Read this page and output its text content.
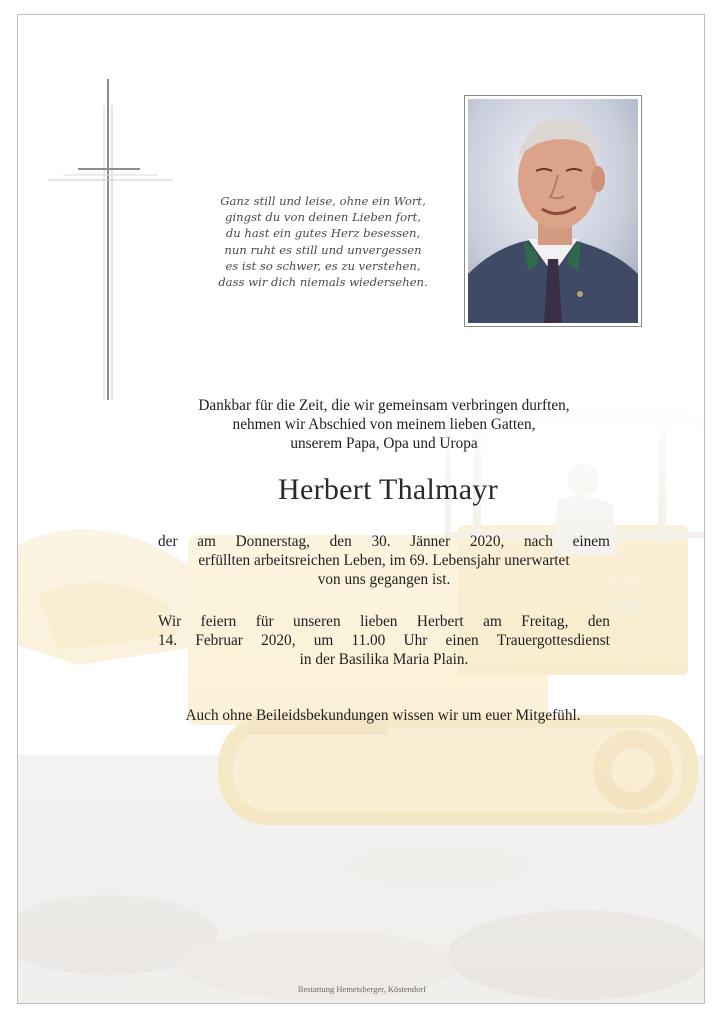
Ganz still und leise, ohne ein Wort,
gingst du von deinen Lieben fort,
du hast ein gutes Herz besessen,
nun ruht es still und unvergessen
es ist so schwer, es zu verstehen,
dass wir dich niemals wiedersehen.
Dankbar für die Zeit, die wir gemeinsam verbringen durften,
nehmen wir Abschied von meinem lieben Gatten,
unserem Papa, Opa und Uropa
Herbert Thalmayr
der am Donnerstag, den 30. Jänner 2020, nach einem
erfüllten arbeitsreichen Leben, im 69. Lebensjahr unerwartet
von uns gegangen ist.
Wir feiern für unseren lieben Herbert am Freitag, den
14. Februar 2020, um 11.00 Uhr einen Trauergottesdienst
in der Basilika Maria Plain.
Auch ohne Beileidsbekundungen wissen wir um euer Mitgefühl.
Bestattung Hemetsberger, Köstendorf
